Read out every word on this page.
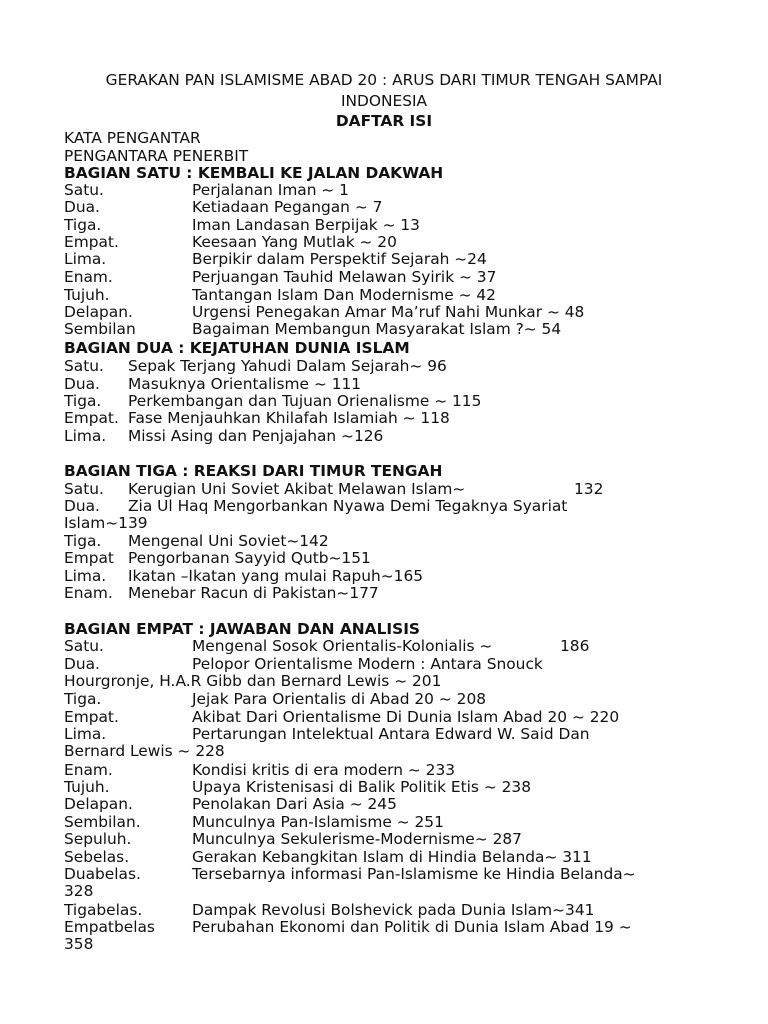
GERAKAN PAN ISLAMISME ABAD 20 : ARUS DARI TIMUR TENGAH SAMPAI
INDONESIA
DAFTAR ISI
KATA PENGANTAR
PENGANTARA PENERBIT
BAGIAN SATU : KEMBALI KE JALAN DAKWAH
Satu.	Perjalanan Iman ~ 1
Dua.	Ketiadaan Pegangan ~ 7
Tiga.	Iman Landasan Berpijak ~ 13
Empat.	Keesaan Yang Mutlak ~ 20
Lima.	Berpikir dalam Perspektif Sejarah ~24
Enam.	Perjuangan Tauhid Melawan Syirik ~ 37
Tujuh.	Tantangan Islam Dan Modernisme ~ 42
Delapan.	Urgensi Penegakan Amar Ma’ruf Nahi Munkar ~ 48
Sembilan	Bagaiman Membangun Masyarakat Islam ?~ 54
BAGIAN DUA : KEJATUHAN DUNIA ISLAM
Satu. Sepak Terjang Yahudi Dalam Sejarah~ 96
Dua. Masuknya Orientalisme ~ 111
Tiga. Perkembangan dan Tujuan Orienalisme ~ 115
Empat. Fase Menjauhkan Khilafah Islamiah ~ 118
Lima. Missi Asing dan Penjajahan ~126
BAGIAN TIGA : REAKSI DARI TIMUR TENGAH
Satu. Kerugian Uni Soviet Akibat Melawan Islam~	132
Dua. Zia Ul Haq Mengorbankan Nyawa Demi Tegaknya Syariat
Islam~139
Tiga. Mengenal Uni Soviet~142
Empat Pengorbanan Sayyid Qutb~151
Lima. Ikatan –Ikatan yang mulai Rapuh~165
Enam. Menebar Racun di Pakistan~177
BAGIAN EMPAT : JAWABAN DAN ANALISIS
Satu.	Mengenal Sosok Orientalis-Kolonialis ~	186
Dua.	Pelopor Orientalisme Modern : Antara Snouck
Hourgronje, H.A.R Gibb dan Bernard Lewis ~ 201
Tiga.	Jejak Para Orientalis di Abad 20 ~ 208
Empat.	Akibat Dari Orientalisme Di Dunia Islam Abad 20 ~ 220
Lima.	Pertarungan Intelektual Antara Edward W. Said Dan
Bernard Lewis ~ 228
Enam.	Kondisi kritis di era modern ~ 233
Tujuh.	Upaya Kristenisasi di Balik Politik Etis ~ 238
Delapan.	Penolakan Dari Asia ~ 245
Sembilan.	Munculnya Pan-Islamisme ~ 251
Sepuluh.	Munculnya Sekulerisme-Modernisme~ 287
Sebelas.	Gerakan Kebangkitan Islam di Hindia Belanda~ 311
Duabelas.	Tersebarnya informasi Pan-Islamisme ke Hindia Belanda~
328
Tigabelas.	Dampak Revolusi Bolshevick pada Dunia Islam~341
Empatbelas Perubahan Ekonomi dan Politik di Dunia Islam Abad 19 ~
358
